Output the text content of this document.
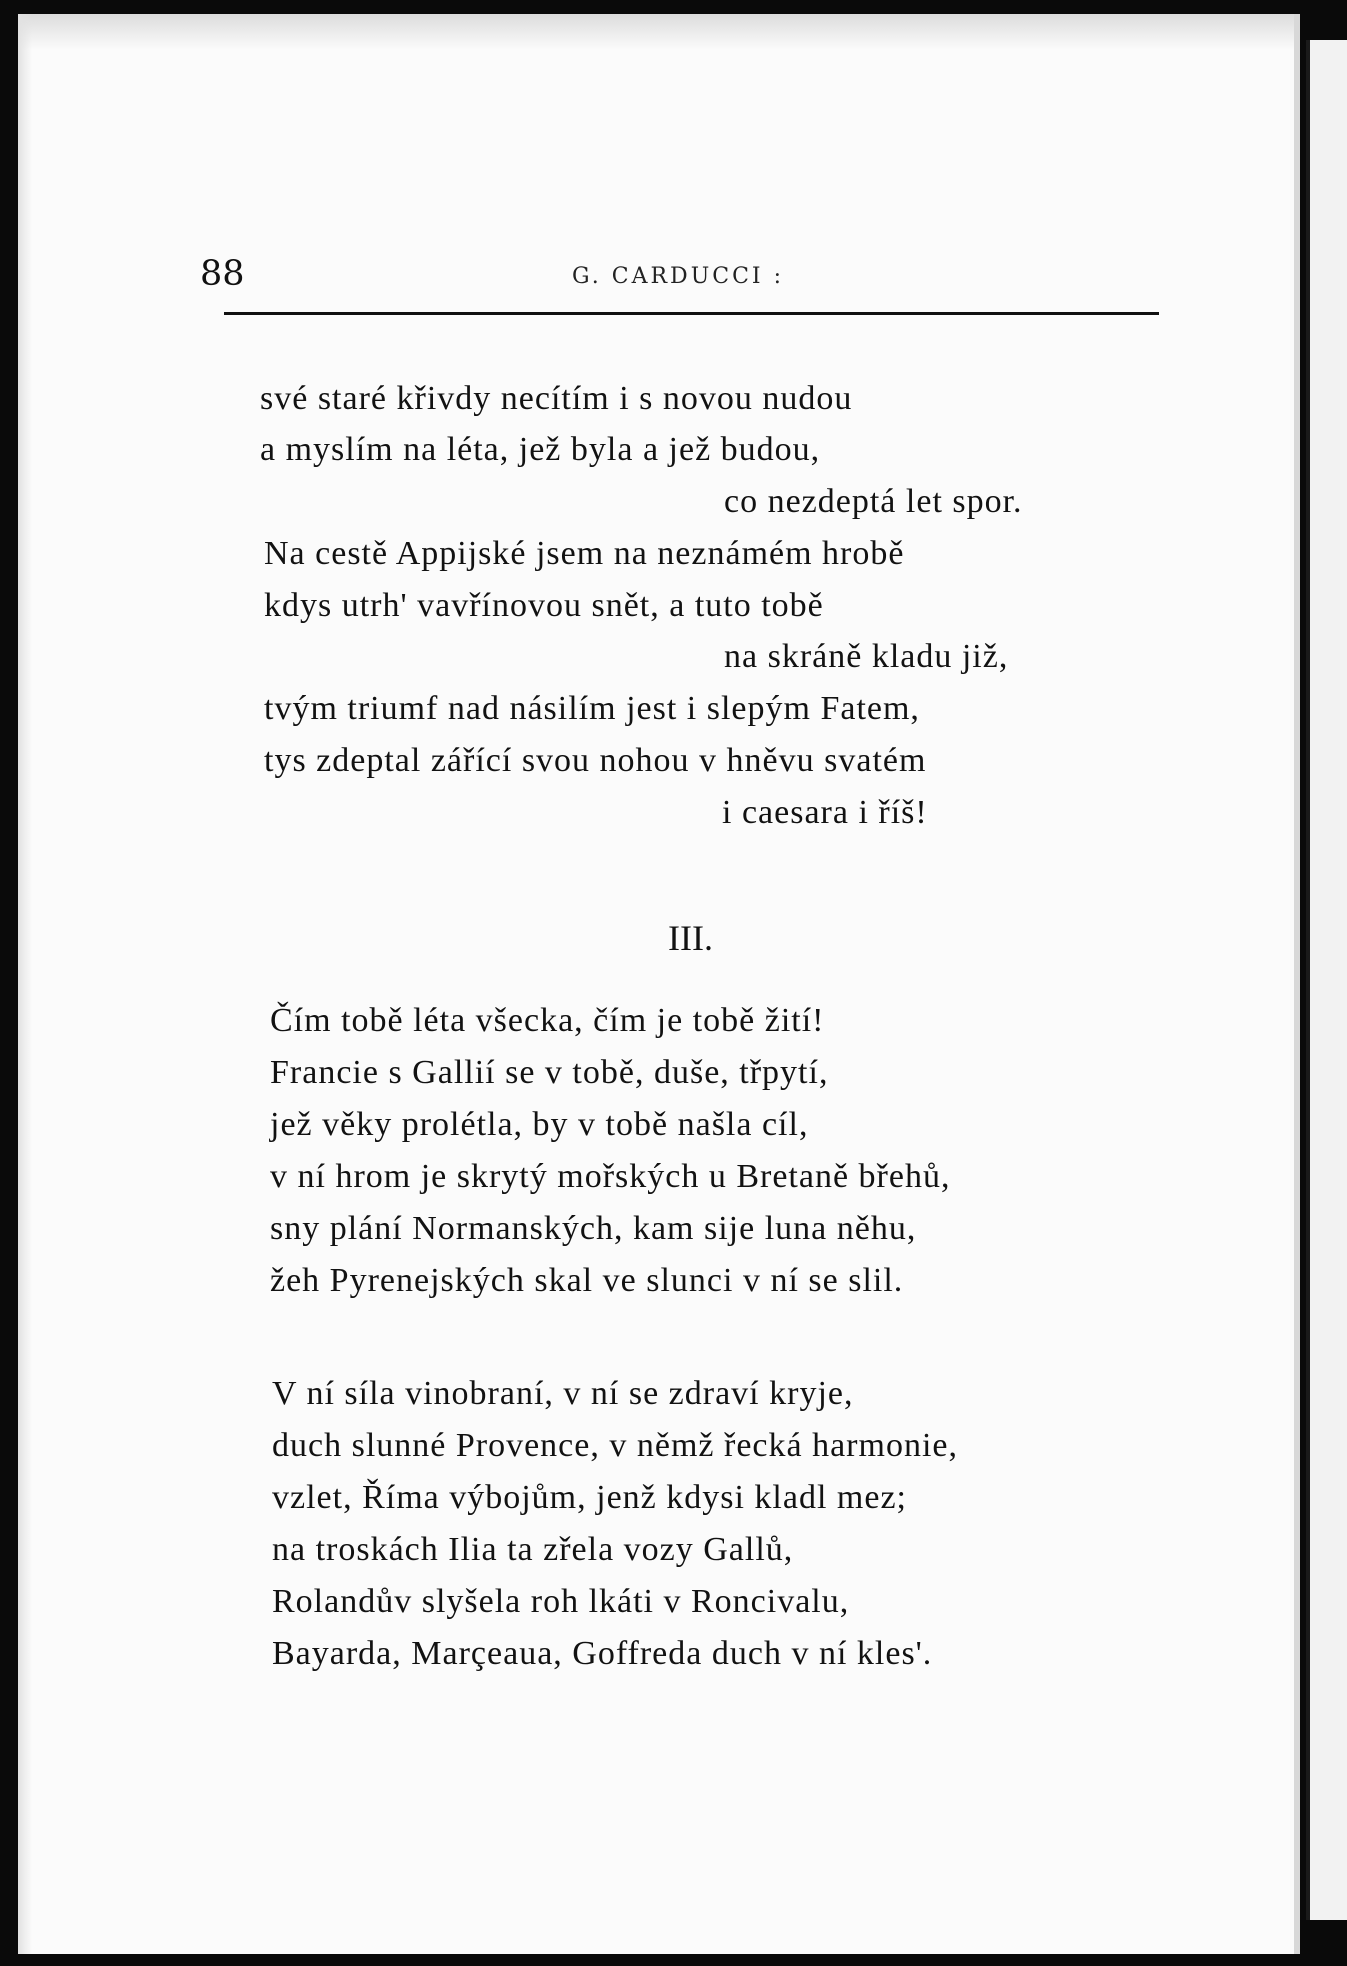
88	G. CARDUCCI :
své staré křivdy necítím i s novou nudou
a myslím na léta, jež byla a jež budou,
co nezdeptá let spor.
Na cestě Appijské jsem na neznámém hrobě
kdys utrh' vavřínovou snět, a tuto tobě
na skráně kladu již,
tvým triumf nad násilím jest i slepým Fatem,
tys zdeptal zářící svou nohou v hněvu svatém
i caesara i říš!
III.
Čím tobě léta všecka, čím je tobě žití!
Francie s Gallií se v tobě, duše, třpytí,
jež věky prolétla, by v tobě našla cíl,
v ní hrom je skrytý mořských u Bretaně břehů,
sny plání Normanských, kam sije luna něhu,
žeh Pyrenejských skal ve slunci v ní se slil.
V ní síla vinobraní, v ní se zdraví kryje,
duch slunné Provence, v němž řecká harmonie,
vzlet, Říma výbojům, jenž kdysi kladl mez;
na troskách Ilia ta zřela vozy Gallů,
Rolandův slyšela roh lkáti v Roncivalu,
Bayarda, Marçeaua, Goffreda duch v ní kles'.
